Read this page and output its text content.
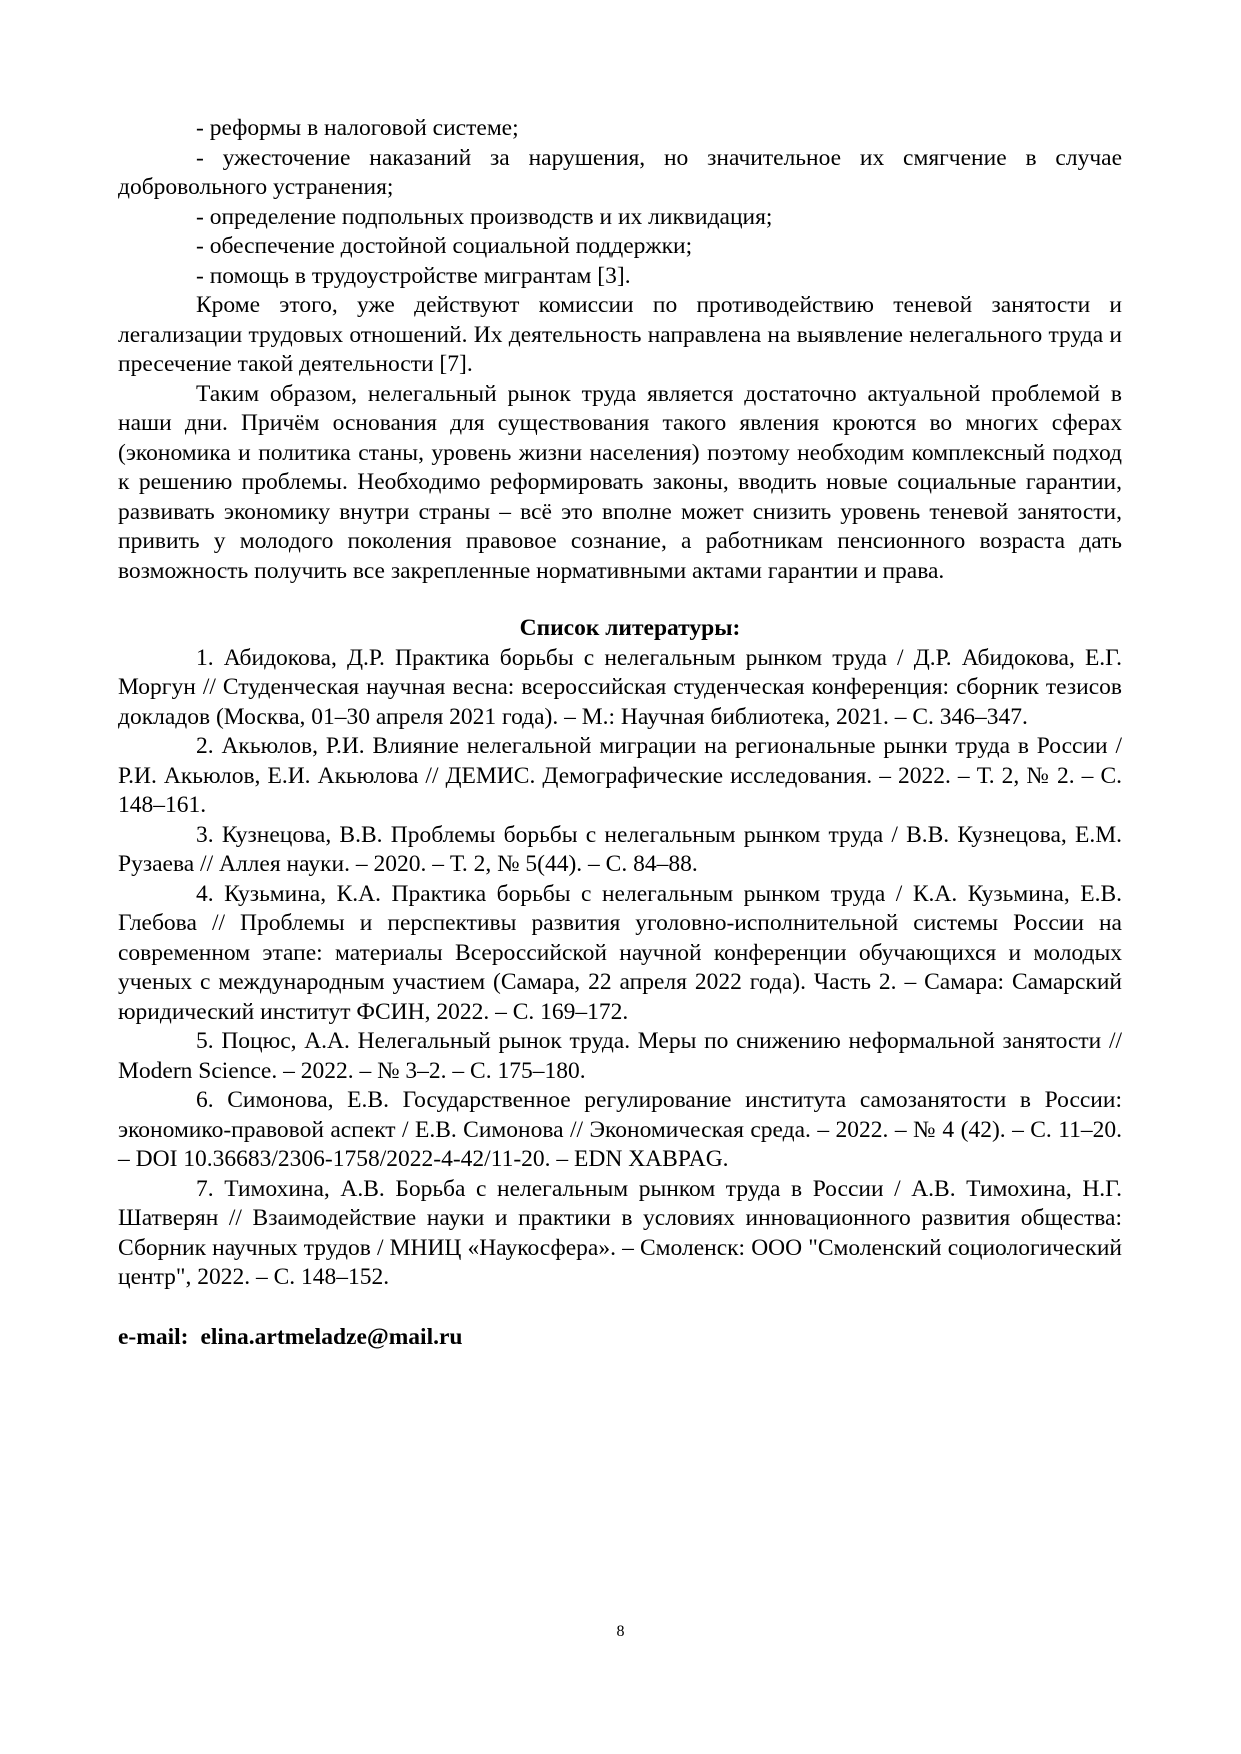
- реформы в налоговой системе;

- ужесточение наказаний за нарушения, но значительное их смягчение в случае добровольного устранения;

- определение подпольных производств и их ликвидация;

- обеспечение достойной социальной поддержки;

- помощь в трудоустройстве мигрантам [3].

Кроме этого, уже действуют комиссии по противодействию теневой занятости и легализации трудовых отношений. Их деятельность направлена на выявление нелегального труда и пресечение такой деятельности [7].

Таким образом, нелегальный рынок труда является достаточно актуальной проблемой в наши дни. Причём основания для существования такого явления кроются во многих сферах (экономика и политика станы, уровень жизни населения) поэтому необходим комплексный подход к решению проблемы. Необходимо реформировать законы, вводить новые социальные гарантии, развивать экономику внутри страны – всё это вполне может снизить уровень теневой занятости, привить у молодого поколения правовое сознание, а работникам пенсионного возраста дать возможность получить все закрепленные нормативными актами гарантии и права.

Список литературы:

1. Абидокова, Д.Р. Практика борьбы с нелегальным рынком труда / Д.Р. Абидокова, Е.Г. Моргун // Студенческая научная весна: всероссийская студенческая конференция: сборник тезисов докладов (Москва, 01–30 апреля 2021 года). – М.: Научная библиотека, 2021. – С. 346–347.

2. Акьюлов, Р.И. Влияние нелегальной миграции на региональные рынки труда в России / Р.И. Акьюлов, Е.И. Акьюлова // ДЕМИС. Демографические исследования. – 2022. – Т. 2, № 2. – С. 148–161.

3. Кузнецова, В.В. Проблемы борьбы с нелегальным рынком труда / В.В. Кузнецова, Е.М. Рузаева // Аллея науки. – 2020. – Т. 2, № 5(44). – С. 84–88.

4. Кузьмина, К.А. Практика борьбы с нелегальным рынком труда / К.А. Кузьмина, Е.В. Глебова // Проблемы и перспективы развития уголовно-исполнительной системы России на современном этапе: материалы Всероссийской научной конференции обучающихся и молодых ученых с международным участием (Самара, 22 апреля 2022 года). Часть 2. – Самара: Самарский юридический институт ФСИН, 2022. – С. 169–172.

5. Поцюс, А.А. Нелегальный рынок труда. Меры по снижению неформальной занятости // Modern Science. – 2022. – № 3–2. – С. 175–180.

6. Симонова, Е.В. Государственное регулирование института самозанятости в России: экономико-правовой аспект / Е.В. Симонова // Экономическая среда. – 2022. – № 4 (42). – С. 11–20. – DOI 10.36683/2306-1758/2022-4-42/11-20. – EDN XABPAG.

7. Тимохина, А.В. Борьба с нелегальным рынком труда в России / А.В. Тимохина, Н.Г. Шатверян // Взаимодействие науки и практики в условиях инновационного развития общества: Сборник научных трудов / МНИЦ «Наукосфера». – Смоленск: ООО "Смоленский социологический центр", 2022. – С. 148–152.

e-mail: elina.artmeladze@mail.ru

8
